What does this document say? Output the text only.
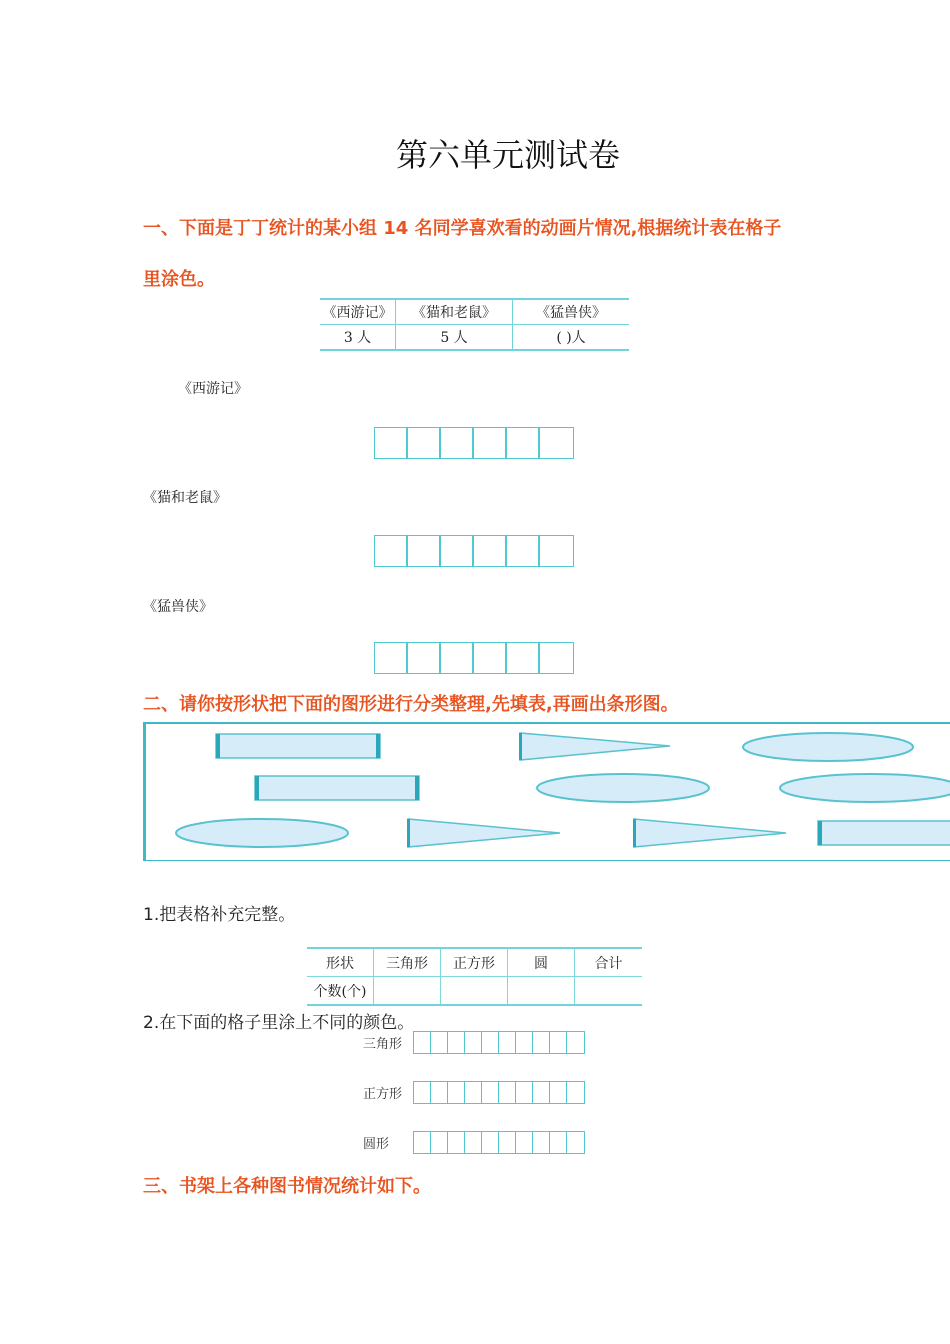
第六单元测试卷
一、下面是丁丁统计的某小组 14 名同学喜欢看的动画片情况,根据统计表在格子
里涂色。
《西游记》	《猫和老鼠》	《猛兽侠》
3 人	5 人	( )人
《西游记》
《猫和老鼠》
《猛兽侠》
二、请你按形状把下面的图形进行分类整理,先填表,再画出条形图。
1.把表格补充完整。
形状	三角形	正方形	圆	合计
个数(个)				
2.在下面的格子里涂上不同的颜色。
三角形
正方形
圆形
三、书架上各种图书情况统计如下。
